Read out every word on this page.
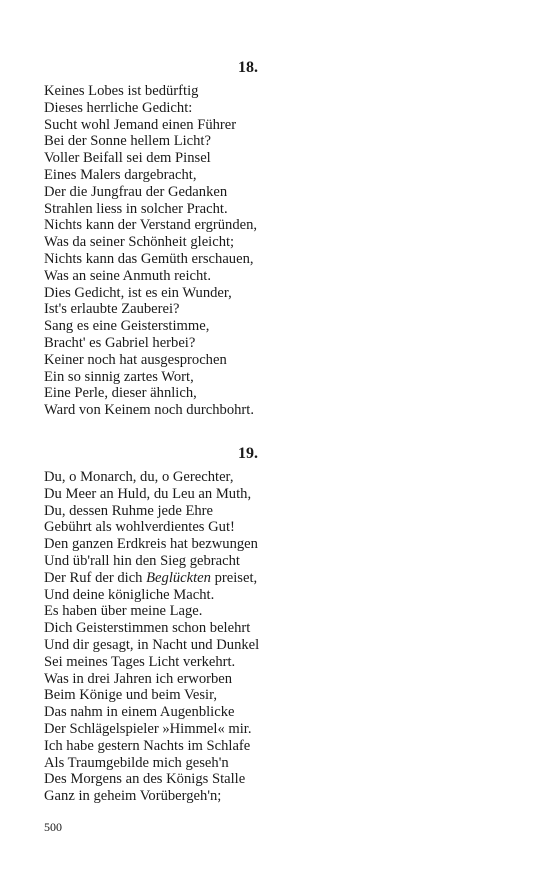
18.
Keines Lobes ist bedürftig
Dieses herrliche Gedicht:
Sucht wohl Jemand einen Führer
Bei der Sonne hellem Licht?
Voller Beifall sei dem Pinsel
Eines Malers dargebracht,
Der die Jungfrau der Gedanken
Strahlen liess in solcher Pracht.
Nichts kann der Verstand ergründen,
Was da seiner Schönheit gleicht;
Nichts kann das Gemüth erschauen,
Was an seine Anmuth reicht.
Dies Gedicht, ist es ein Wunder,
Ist's erlaubte Zauberei?
Sang es eine Geisterstimme,
Bracht' es Gabriel herbei?
Keiner noch hat ausgesprochen
Ein so sinnig zartes Wort,
Eine Perle, dieser ähnlich,
Ward von Keinem noch durchbohrt.
19.
Du, o Monarch, du, o Gerechter,
Du Meer an Huld, du Leu an Muth,
Du, dessen Ruhme jede Ehre
Gebührt als wohlverdientes Gut!
Den ganzen Erdkreis hat bezwungen
Und üb'rall hin den Sieg gebracht
Der Ruf der dich Beglückten preiset,
Und deine königliche Macht.
Es haben über meine Lage.
Dich Geisterstimmen schon belehrt
Und dir gesagt, in Nacht und Dunkel
Sei meines Tages Licht verkehrt.
Was in drei Jahren ich erworben
Beim Könige und beim Vesir,
Das nahm in einem Augenblicke
Der Schlägelspieler »Himmel« mir.
Ich habe gestern Nachts im Schlafe
Als Traumgebilde mich geseh'n
Des Morgens an des Königs Stalle
Ganz in geheim Vorübergeh'n;
500
